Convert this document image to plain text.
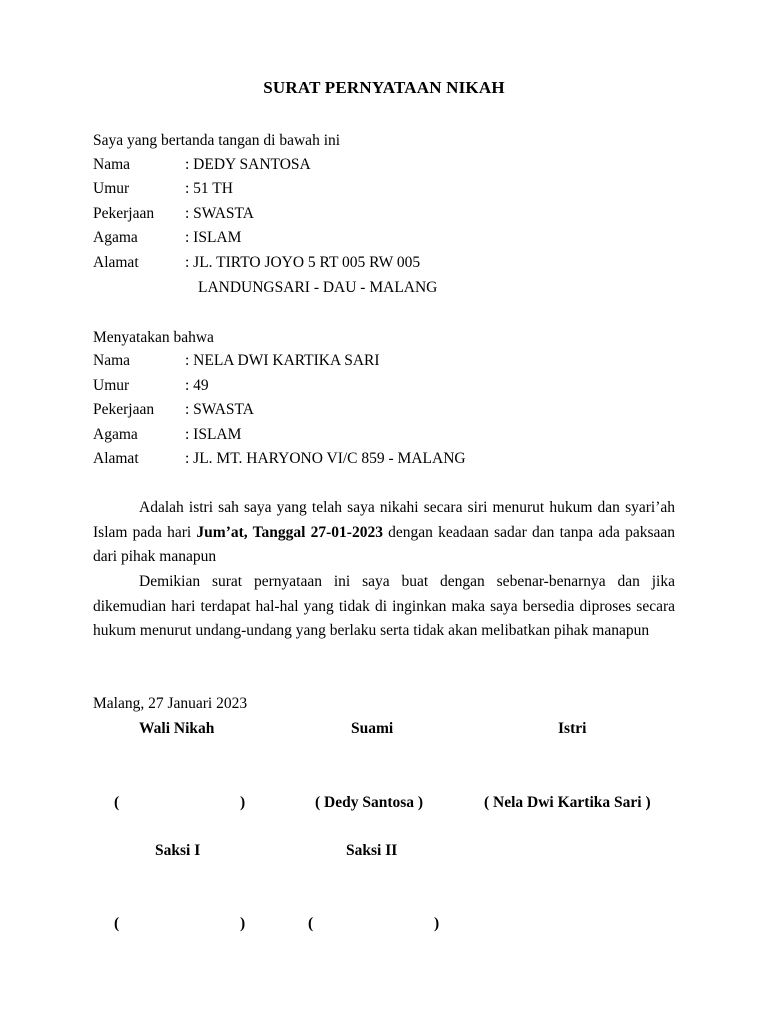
SURAT PERNYATAAN NIKAH
Saya yang bertanda tangan di bawah ini
Nama	: DEDY SANTOSA
Umur	: 51 TH
Pekerjaan : SWASTA
Agama	: ISLAM
Alamat	: JL. TIRTO JOYO 5 RT 005 RW 005
LANDUNGSARI - DAU - MALANG
Menyatakan bahwa
Nama	: NELA DWI KARTIKA SARI
Umur	: 49
Pekerjaan : SWASTA
Agama	: ISLAM
Alamat	: JL. MT. HARYONO VI/C 859 - MALANG
Adalah istri sah saya yang telah saya nikahi secara siri menurut hukum dan syari’ah Islam pada hari Jum’at, Tanggal 27-01-2023 dengan keadaan sadar dan tanpa ada paksaan dari pihak manapun
Demikian surat pernyataan ini saya buat dengan sebenar-benarnya dan jika dikemudian hari terdapat hal-hal yang tidak di inginkan maka saya bersedia diproses secara hukum menurut undang-undang yang berlaku serta tidak akan melibatkan pihak manapun
Malang, 27 Januari 2023
Wali Nikah	Suami	Istri
(	)	( Dedy Santosa )	( Nela Dwi Kartika Sari )
Saksi I	Saksi II
(	)	(	)
